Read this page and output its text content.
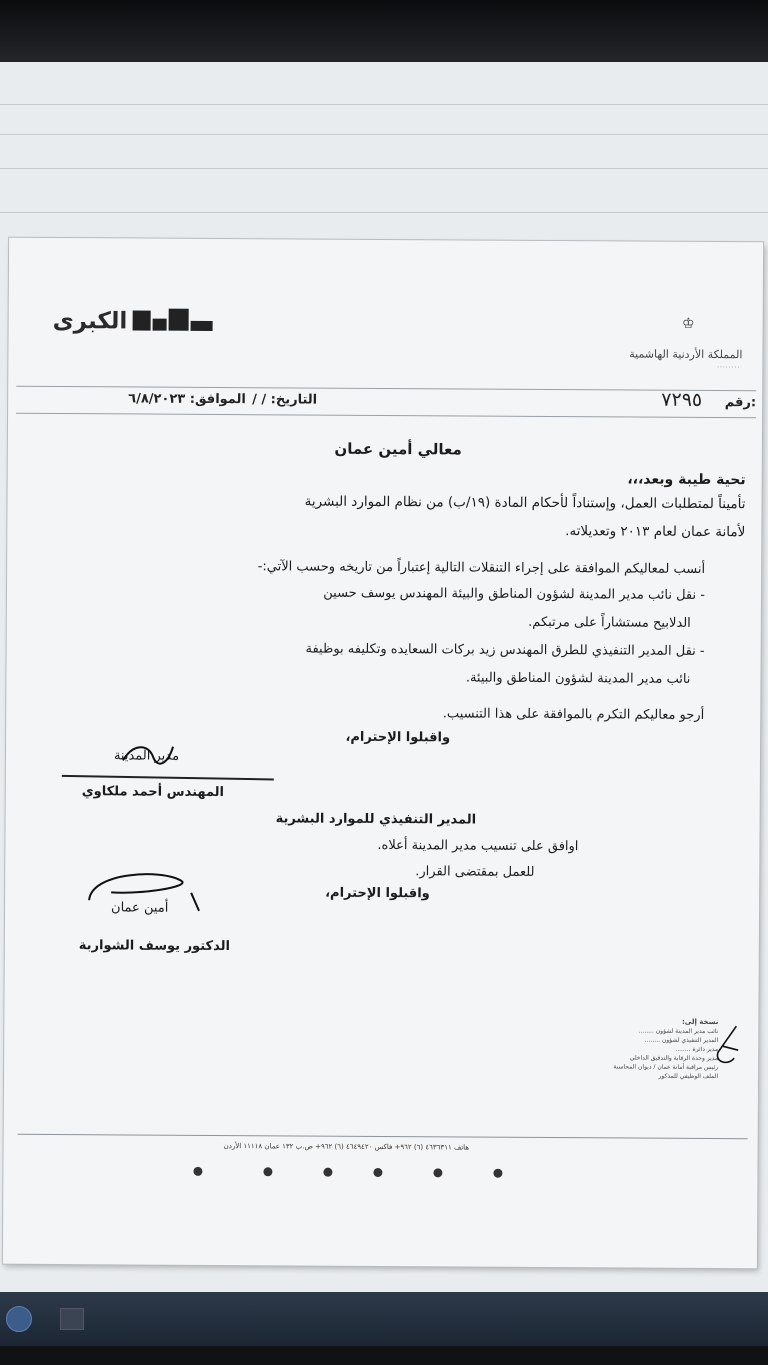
الكبرى	♔
المملكة الأردنية الهاشمية
········
رقم:
٧٢٩٥
التاريخ: / /
الموافق: ٦/٨/٢٠٢٣
معالي أمين عمان
تحية طيبة وبعد،،،
تأميناً لمتطلبات العمل، وإستناداً لأحكام المادة (١٩/ب) من نظام الموارد البشرية
لأمانة عمان لعام ٢٠١٣ وتعديلاته.
أنسب لمعاليكم الموافقة على إجراء التنقلات التالية إعتباراً من تاريخه وحسب الآتي:-
- نقل نائب مدير المدينة لشؤون المناطق والبيئة المهندس يوسف حسين
الدلابيح مستشاراً على مرتبكم.
- نقل المدير التنفيذي للطرق المهندس زيد بركات السعايده وتكليفه بوظيفة
نائب مدير المدينة لشؤون المناطق والبيئة.
أرجو معاليكم التكرم بالموافقة على هذا التنسيب.
واقبلوا الإحترام،
مدير المدينة
المهندس أحمد ملكاوي
المدير التنفيذي للموارد البشرية
اوافق على تنسيب مدير المدينة أعلاه.
للعمل بمقتضى القرار.
واقبلوا الإحترام،
أمين عمان
الدكتور يوسف الشواربة
نسخة إلى:
نائب مدير المدينة لشؤون ........
المدير التنفيذي لشؤون ........
مدير دائرة ........
مدير وحدة الرقابة والتدقيق الداخلي
رئيس مراقبة أمانة عمان / ديوان المحاسبة
الملف الوظيفي للمذكور
هاتف ٤٦٣٦٣١١ (٦) ٩٦٢+ فاكس ٤٦٤٩٤٢٠ (٦) ٩٦٢+ ص.ب ١٣٢ عمان ١١١١٨ الأردن
